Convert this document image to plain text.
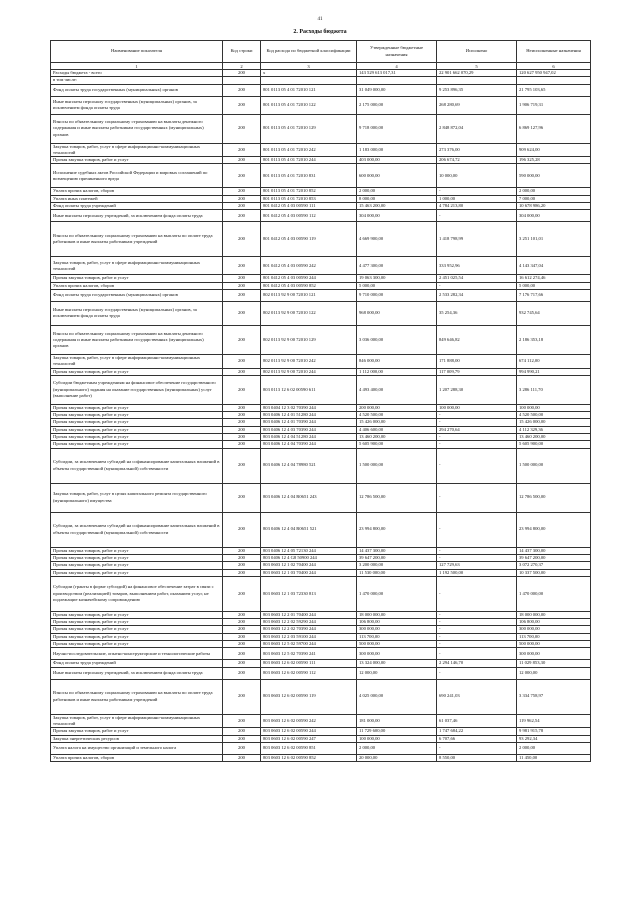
41
2. Расходы бюджета
Наименование показателя	Код строки	Код расхода по бюджетной классификации	Утвержденные бюджетные назначения	Исполнено	Неисполненные назначения
1	2	3	4	5	6
Расходы бюджета - всего	200	x	143 529 613 017,31	22 901 662 070,29	120 627 950 947,02
в том числе:					
Фонд оплаты труда государственных (муниципальных) органов	200	801 0113 05 4 01 72010 121	31 049 000,00	9 253 896,35	21 795 103,65
Иные выплаты персоналу государственных (муниципальных) органов, за исключением фонда оплаты труда	200	801 0113 05 4 01 72010 122	2 175 000,00	268 280,69	1 906 719,31
Взносы по обязательному социальному страхованию на выплаты денежного содержания и иные выплаты работникам государственных (муниципальных) органов	200	801 0113 05 4 01 72010 129	9 718 000,00	2 848 872,04	6 869 127,96
Закупка товаров, работ, услуг в сфере информационно-коммуникационных технологий	200	801 0113 05 4 01 72010 242	1 183 000,00	273 376,00	909 624,00
Прочая закупка товаров, работ и услуг	200	801 0113 05 4 01 72010 244	403 000,00	206 674,72	196 325,28
Исполнение судебных актов Российской Федерации и мировых соглашений по возмещению причиненного вреда	200	801 0113 05 4 01 72010 831	600 000,00	10 000,00	590 000,00
Уплата прочих налогов, сборов	200	801 0113 05 4 01 72010 852	2 000,00	-	2 000,00
Уплата иных платежей	200	801 0113 05 4 01 72010 853	8 000,00	1 000,00	7 000,00
Фонд оплаты труда учреждений	200	801 0412 05 4 03 00590 111	15 463 200,00	4 784 213,80	10 678 986,20
Иные выплаты персоналу учреждений, за исключением фонда оплаты труда	200	801 0412 05 4 03 00590 112	304 000,00	-	304 000,00
Взносы по обязательному социальному страхованию на выплаты по оплате труда работников и иные выплаты работникам учреждений	200	801 0412 05 4 03 00590 119	4 669 900,00	1 418 798,99	3 251 101,01
Закупка товаров, работ, услуг в сфере информационно-коммуникационных технологий	200	801 0412 05 4 03 00590 242	4 477 300,00	333 952,96	4 143 347,04
Прочая закупка товаров, работ и услуг	200	801 0412 05 4 03 00590 244	19 063 300,00	2 451 025,54	16 612 274,46
Уплата прочих налогов, сборов	200	801 0412 05 4 03 00590 852	5 000,00	-	5 000,00
Фонд оплаты труда государственных (муниципальных) органов	200	802 0113 92 9 00 72010 121	9 710 000,00	2 533 282,34	7 176 717,66
Иные выплаты персоналу государственных (муниципальных) органов, за исключением фонда оплаты труда	200	802 0113 92 9 00 72010 122	968 000,00	35 254,36	932 745,64
Взносы по обязательному социальному страхованию на выплаты денежного содержания и иные выплаты работникам государственных (муниципальных) органов	200	802 0113 92 9 00 72010 129	3 036 000,00	849 646,82	2 186 353,18
Закупка товаров, работ, услуг в сфере информационно-коммуникационных технологий	200	802 0113 92 9 00 72010 242	846 000,00	171 888,00	674 112,00
Прочая закупка товаров, работ и услуг	200	802 0113 92 9 00 72010 244	1 112 000,00	117 009,79	994 990,21
Субсидии бюджетным учреждениям на финансовое обеспечение государственного (муниципального) задания на оказание государственных (муниципальных) услуг (выполнение работ)	200	803 0113 12 6 02 00590 611	4 493 400,00	1 207 288,30	3 286 111,70
Прочая закупка товаров, работ и услуг	200	803 0404 12 3 02 70390 244	200 000,00	100 000,00	100 000,00
Прочая закупка товаров, работ и услуг	200	803 0406 12 4 01 51280 244	4 520 500,00	-	4 520 500,00
Прочая закупка товаров, работ и услуг	200	803 0406 12 4 01 70390 244	15 426 000,00	-	15 426 000,00
Прочая закупка товаров, работ и услуг	200	803 0406 12 4 03 70390 244	4 406 600,00	294 270,64	4 112 329,36
Прочая закупка товаров, работ и услуг	200	803 0406 12 4 04 51280 244	13 460 200,00	-	13 460 200,00
Прочая закупка товаров, работ и услуг	200	803 0406 12 4 04 70390 244	5 605 900,00	-	5 605 900,00
Субсидии, за исключением субсидий на софинансирование капитальных вложений в объекты государственной (муниципальной) собственности	200	803 0406 12 4 04 78980 521	1 500 000,00	-	1 500 000,00
Закупка товаров, работ, услуг в целях капитального ремонта государственного (муниципального) имущества	200	803 0406 12 4 04 R0651 243	12 786 500,00	-	12 786 500,00
Субсидии, за исключением субсидий на софинансирование капитальных вложений в объекты государственной (муниципальной) собственности	200	803 0406 12 4 04 R0651 521	23 994 800,00	-	23 994 800,00
Прочая закупка товаров, работ и услуг	200	803 0406 12 4 05 72130 244	14 437 300,00	-	14 437 300,00
Прочая закупка товаров, работ и услуг	200	803 0406 12 4 G8 50900 244	39 647 200,00	-	39 647 200,00
Прочая закупка товаров, работ и услуг	200	803 0603 12 1 02 70400 244	3 200 000,00	127 729,63	3 072 270,37
Прочая закупка товаров, работ и услуг	200	803 0603 12 1 03 70400 244	11 530 000,00	1 192 500,00	10 337 500,00
Субсидии (гранты в форме субсидий) на финансовое обеспечение затрат в связи с производством (реализацией) товаров, выполнением работ, оказанием услуг, не подлежащие казначейскому сопровождению	200	803 0603 12 1 03 72330 813	1 470 000,00	-	1 470 000,00
Прочая закупка товаров, работ и услуг	200	803 0603 12 2 01 70400 244	18 000 000,00	-	18 000 000,00
Прочая закупка товаров, работ и услуг	200	803 0603 12 2 02 59290 244	106 800,00	-	106 800,00
Прочая закупка товаров, работ и услуг	200	803 0603 12 2 02 70390 244	300 000,00	-	300 000,00
Прочая закупка товаров, работ и услуг	200	803 0603 12 2 03 59100 244	113 700,00	-	113 700,00
Прочая закупка товаров, работ и услуг	200	803 0603 12 5 02 59700 244	500 000,00	-	500 000,00
Научно-исследовательские, опытно-конструкторские и технологические работы	200	803 0603 12 5 02 70390 241	300 000,00	-	300 000,00
Фонд оплаты труда учреждений	200	803 0603 12 6 02 00590 111	13 324 000,00	2 294 146,70	11 029 853,30
Иные выплаты персоналу учреждений, за исключением фонда оплаты труда	200	803 0603 12 6 02 00590 112	12 000,00	-	12 000,00
Взносы по обязательному социальному страхованию на выплаты по оплате труда работников и иные выплаты работникам учреждений	200	803 0603 12 6 02 00590 119	4 025 000,00	690 241,03	3 334 758,97
Закупка товаров, работ, услуг в сфере информационно-коммуникационных технологий	200	803 0603 12 6 02 00590 242	181 000,00	61 037,46	119 962,54
Прочая закупка товаров, работ и услуг	200	803 0603 12 6 02 00590 244	11 729 600,00	1 747 684,22	9 981 915,78
Закупка энергетических ресурсов	200	803 0603 12 6 02 00590 247	100 000,00	6 707,66	93 292,34
Уплата налога на имущество организаций и земельного налога	200	803 0603 12 6 02 00590 851	2 000,00	-	2 000,00
Уплата прочих налогов, сборов	200	803 0603 12 6 02 00590 852	20 000,00	8 550,00	11 450,00
